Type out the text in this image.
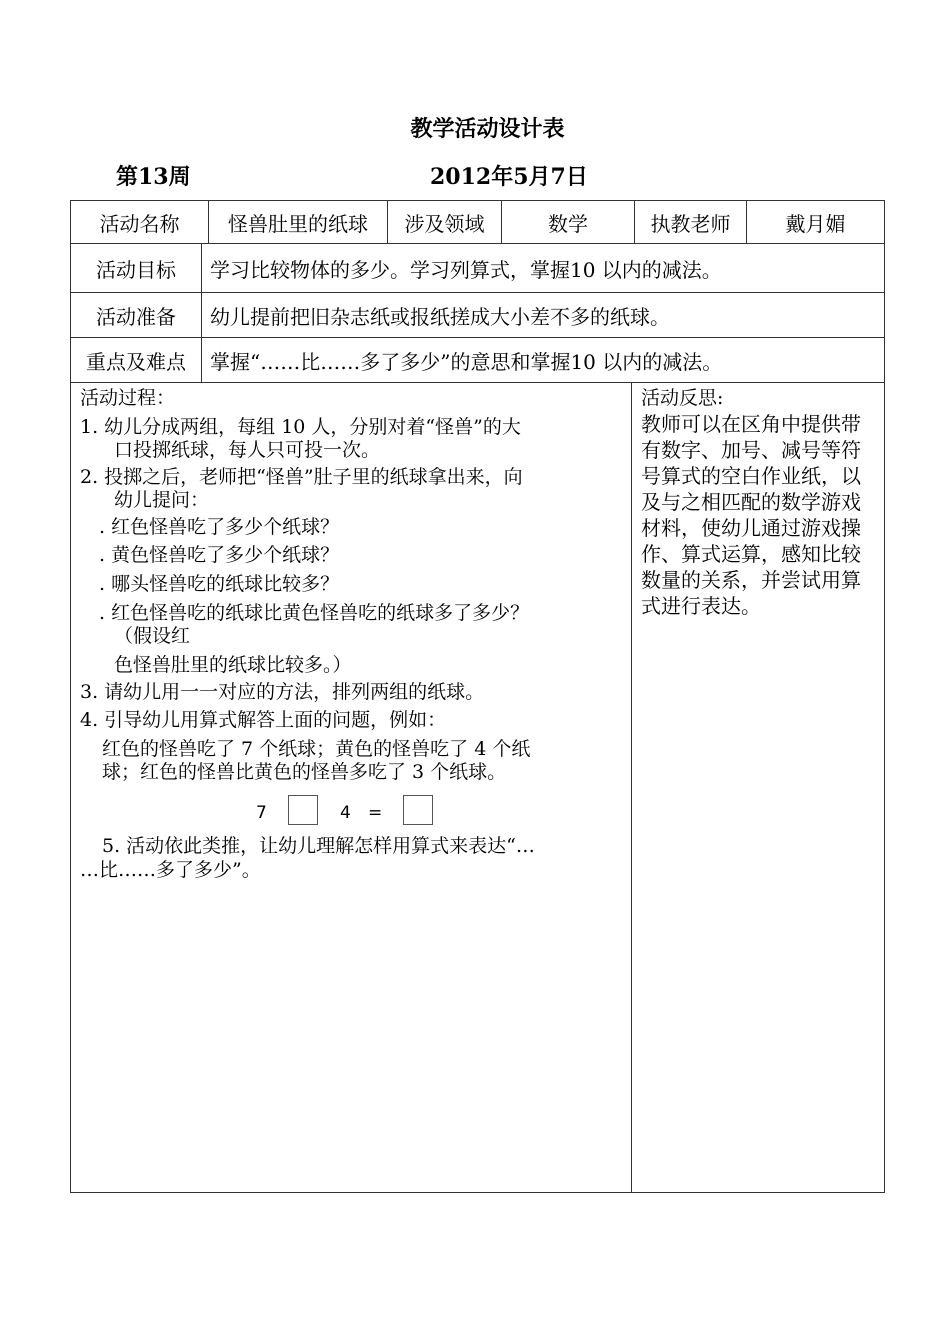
教学活动设计表
第13周	2012年5月7日
活动名称	怪兽肚里的纸球	涉及领域	数学	执教老师	戴月媚
活动目标	学习比较物体的多少。学习列算式，掌握10 以内的减法。
活动准备	幼儿提前把旧杂志纸或报纸搓成大小差不多的纸球。
重点及难点	掌握“……比……多了多少”的意思和掌握10 以内的减法。
活动过程：
1. 幼儿分成两组，每组 10 人，分别对着“怪兽”的大
口投掷纸球，每人只可投一次。
2. 投掷之后，老师把“怪兽”肚子里的纸球拿出来，向
幼儿提问：
. 红色怪兽吃了多少个纸球？
. 黄色怪兽吃了多少个纸球？
. 哪头怪兽吃的纸球比较多？
. 红色怪兽吃的纸球比黄色怪兽吃的纸球多了多少？
（假设红
色怪兽肚里的纸球比较多。）
3. 请幼儿用一一对应的方法，排列两组的纸球。
4. 引导幼儿用算式解答上面的问题，例如：
红色的怪兽吃了 7 个纸球；黄色的怪兽吃了 4 个纸
球；红色的怪兽比黄色的怪兽多吃了 3 个纸球。
5. 活动依此类推，让幼儿理解怎样用算式来表达“…
…比……多了多少”。
活动反思:
教师可以在区角中提供带有数字、加号、减号等符号算式的空白作业纸，以及与之相匹配的数学游戏材料，使幼儿通过游戏操作、算式运算，感知比较数量的关系，并尝试用算式进行表达。
7	4 =
